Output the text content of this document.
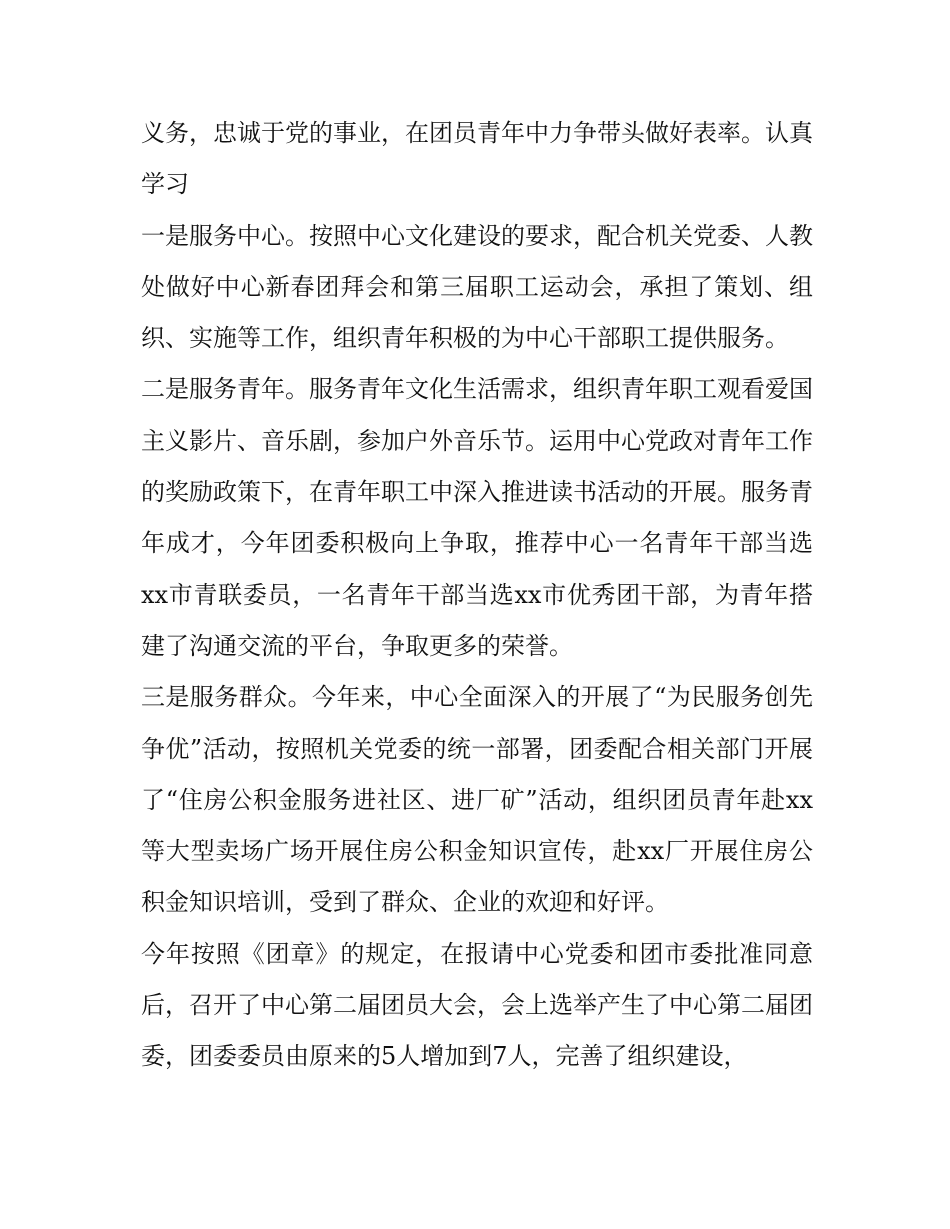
义务，忠诚于党的事业，在团员青年中力争带头做好表率。认真学习

一是服务中心。按照中心文化建设的要求，配合机关党委、人教处做好中心新春团拜会和第三届职工运动会，承担了策划、组织、实施等工作，组织青年积极的为中心干部职工提供服务。

二是服务青年。服务青年文化生活需求，组织青年职工观看爱国主义影片、音乐剧，参加户外音乐节。运用中心党政对青年工作的奖励政策下，在青年职工中深入推进读书活动的开展。服务青年成才，今年团委积极向上争取，推荐中心一名青年干部当选xx市青联委员，一名青年干部当选xx市优秀团干部，为青年搭建了沟通交流的平台，争取更多的荣誉。

三是服务群众。今年来，中心全面深入的开展了“为民服务创先争优”活动，按照机关党委的统一部署，团委配合相关部门开展了“住房公积金服务进社区、进厂矿”活动，组织团员青年赴xx等大型卖场广场开展住房公积金知识宣传，赴xx厂开展住房公积金知识培训，受到了群众、企业的欢迎和好评。

今年按照《团章》的规定，在报请中心党委和团市委批准同意后，召开了中心第二届团员大会，会上选举产生了中心第二届团委，团委委员由原来的5人增加到7人，完善了组织建设，
